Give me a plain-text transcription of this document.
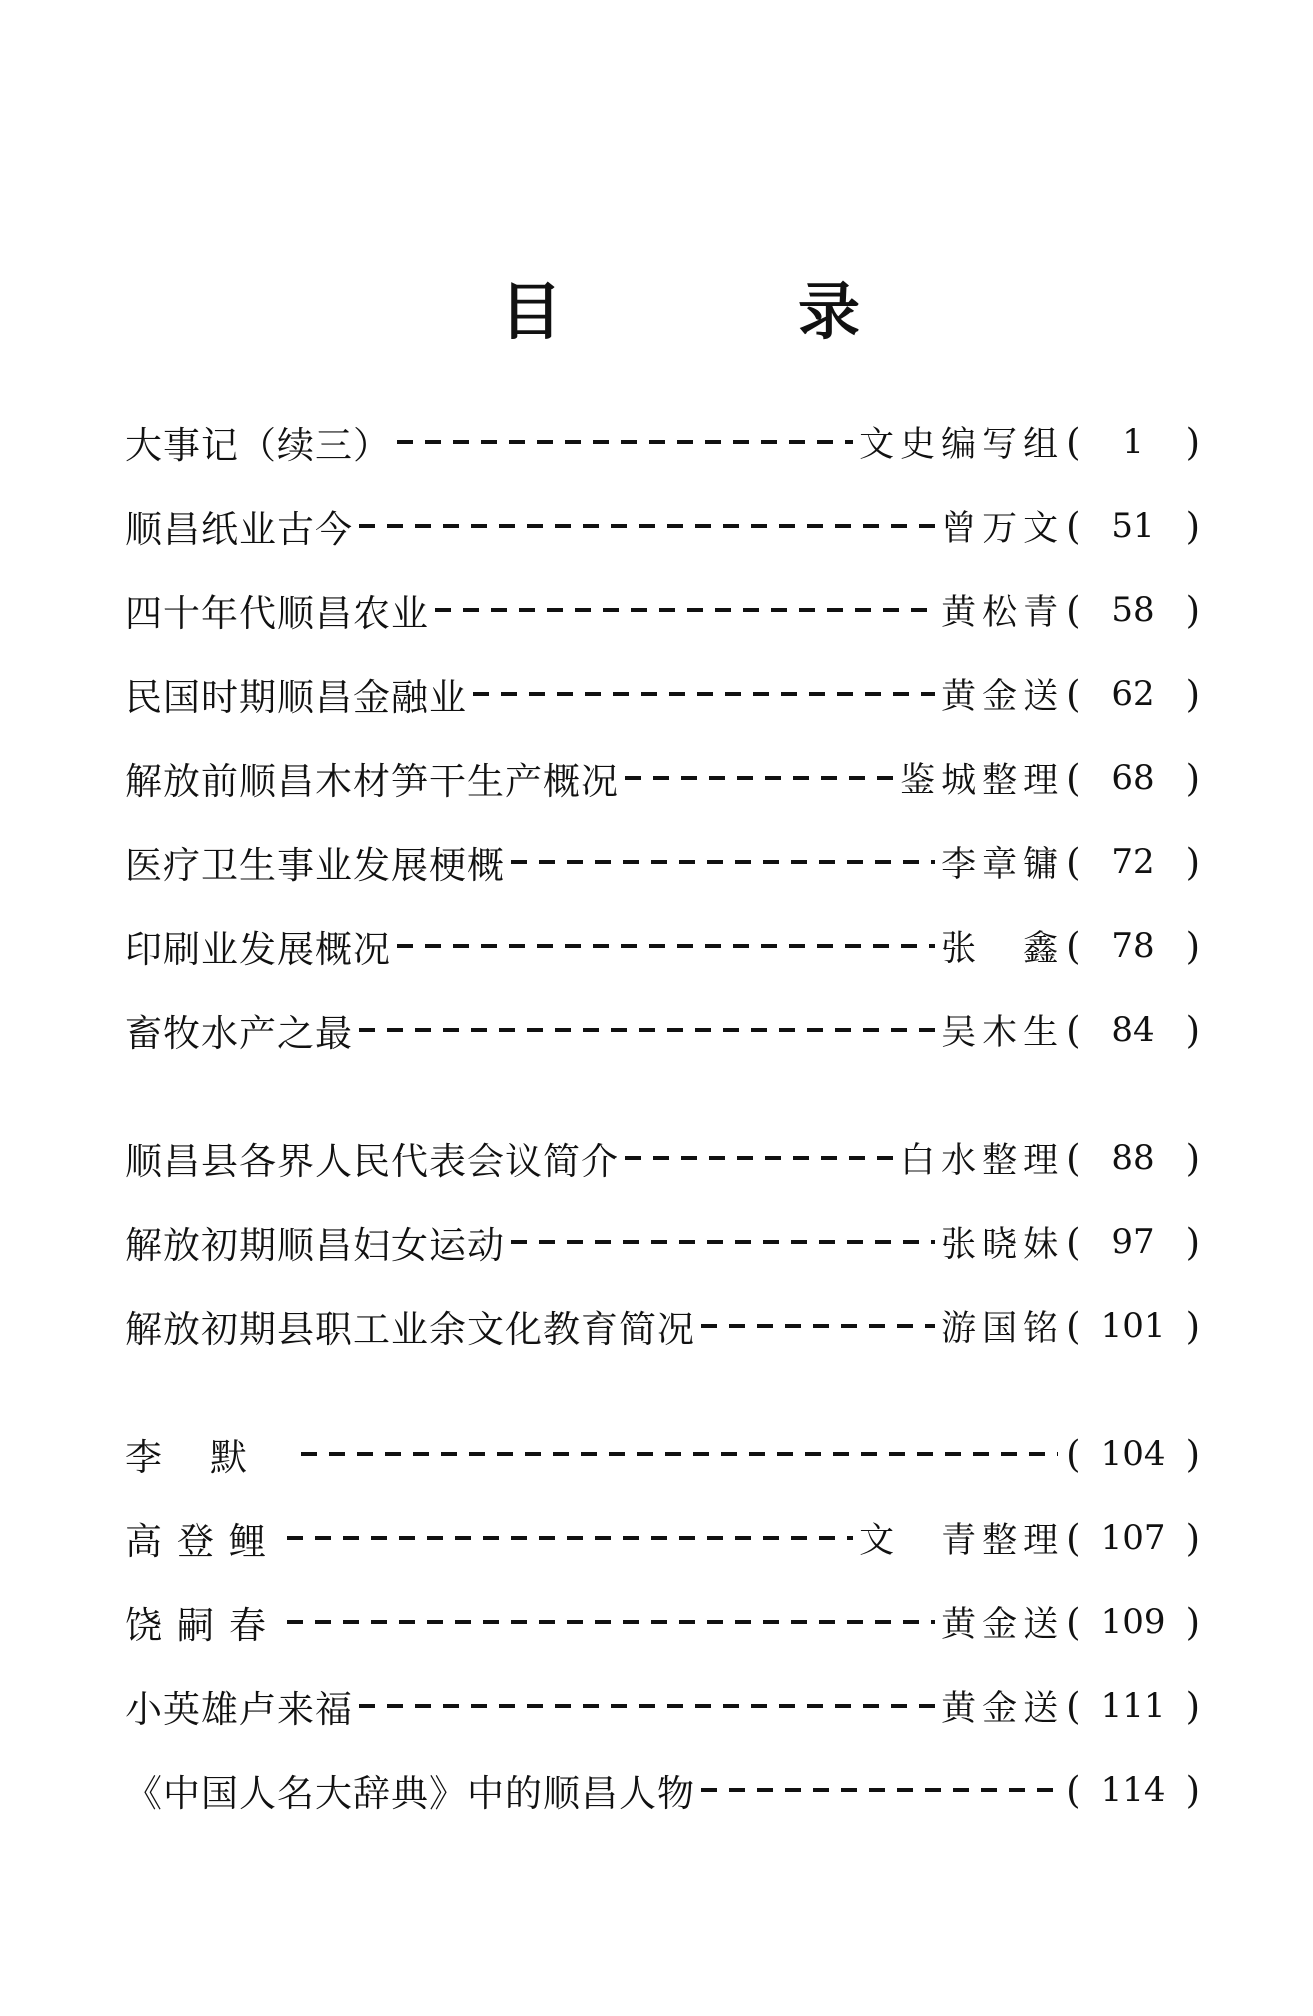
目	录
大事记（续三）	文史编写组 (	1	)
顺昌纸业古今	曾万文 ( 51 )
四十年代顺昌农业	黄松青 ( 58 )
民国时期顺昌金融业	黄金送 ( 62 )
解放前顺昌木材笋干生产概况	鉴城整理 ( 68 )
医疗卫生事业发展梗概	李章镛 ( 72 )
印刷业发展概况	张　鑫 ( 78 )
畜牧水产之最	吴木生 ( 84 )
顺昌县各界人民代表会议简介	白水整理 ( 88 )
解放初期顺昌妇女运动	张晓妹 ( 97 )
解放初期县职工业余文化教育简况	游国铭 ( 101 )
李默	( 104 )
高登鲤	文　青整理 ( 107 )
饶嗣春	黄金送 ( 109 )
小英雄卢来福	黄金送 ( 111 )
《中国人名大辞典》中的顺昌人物	( 114 )
